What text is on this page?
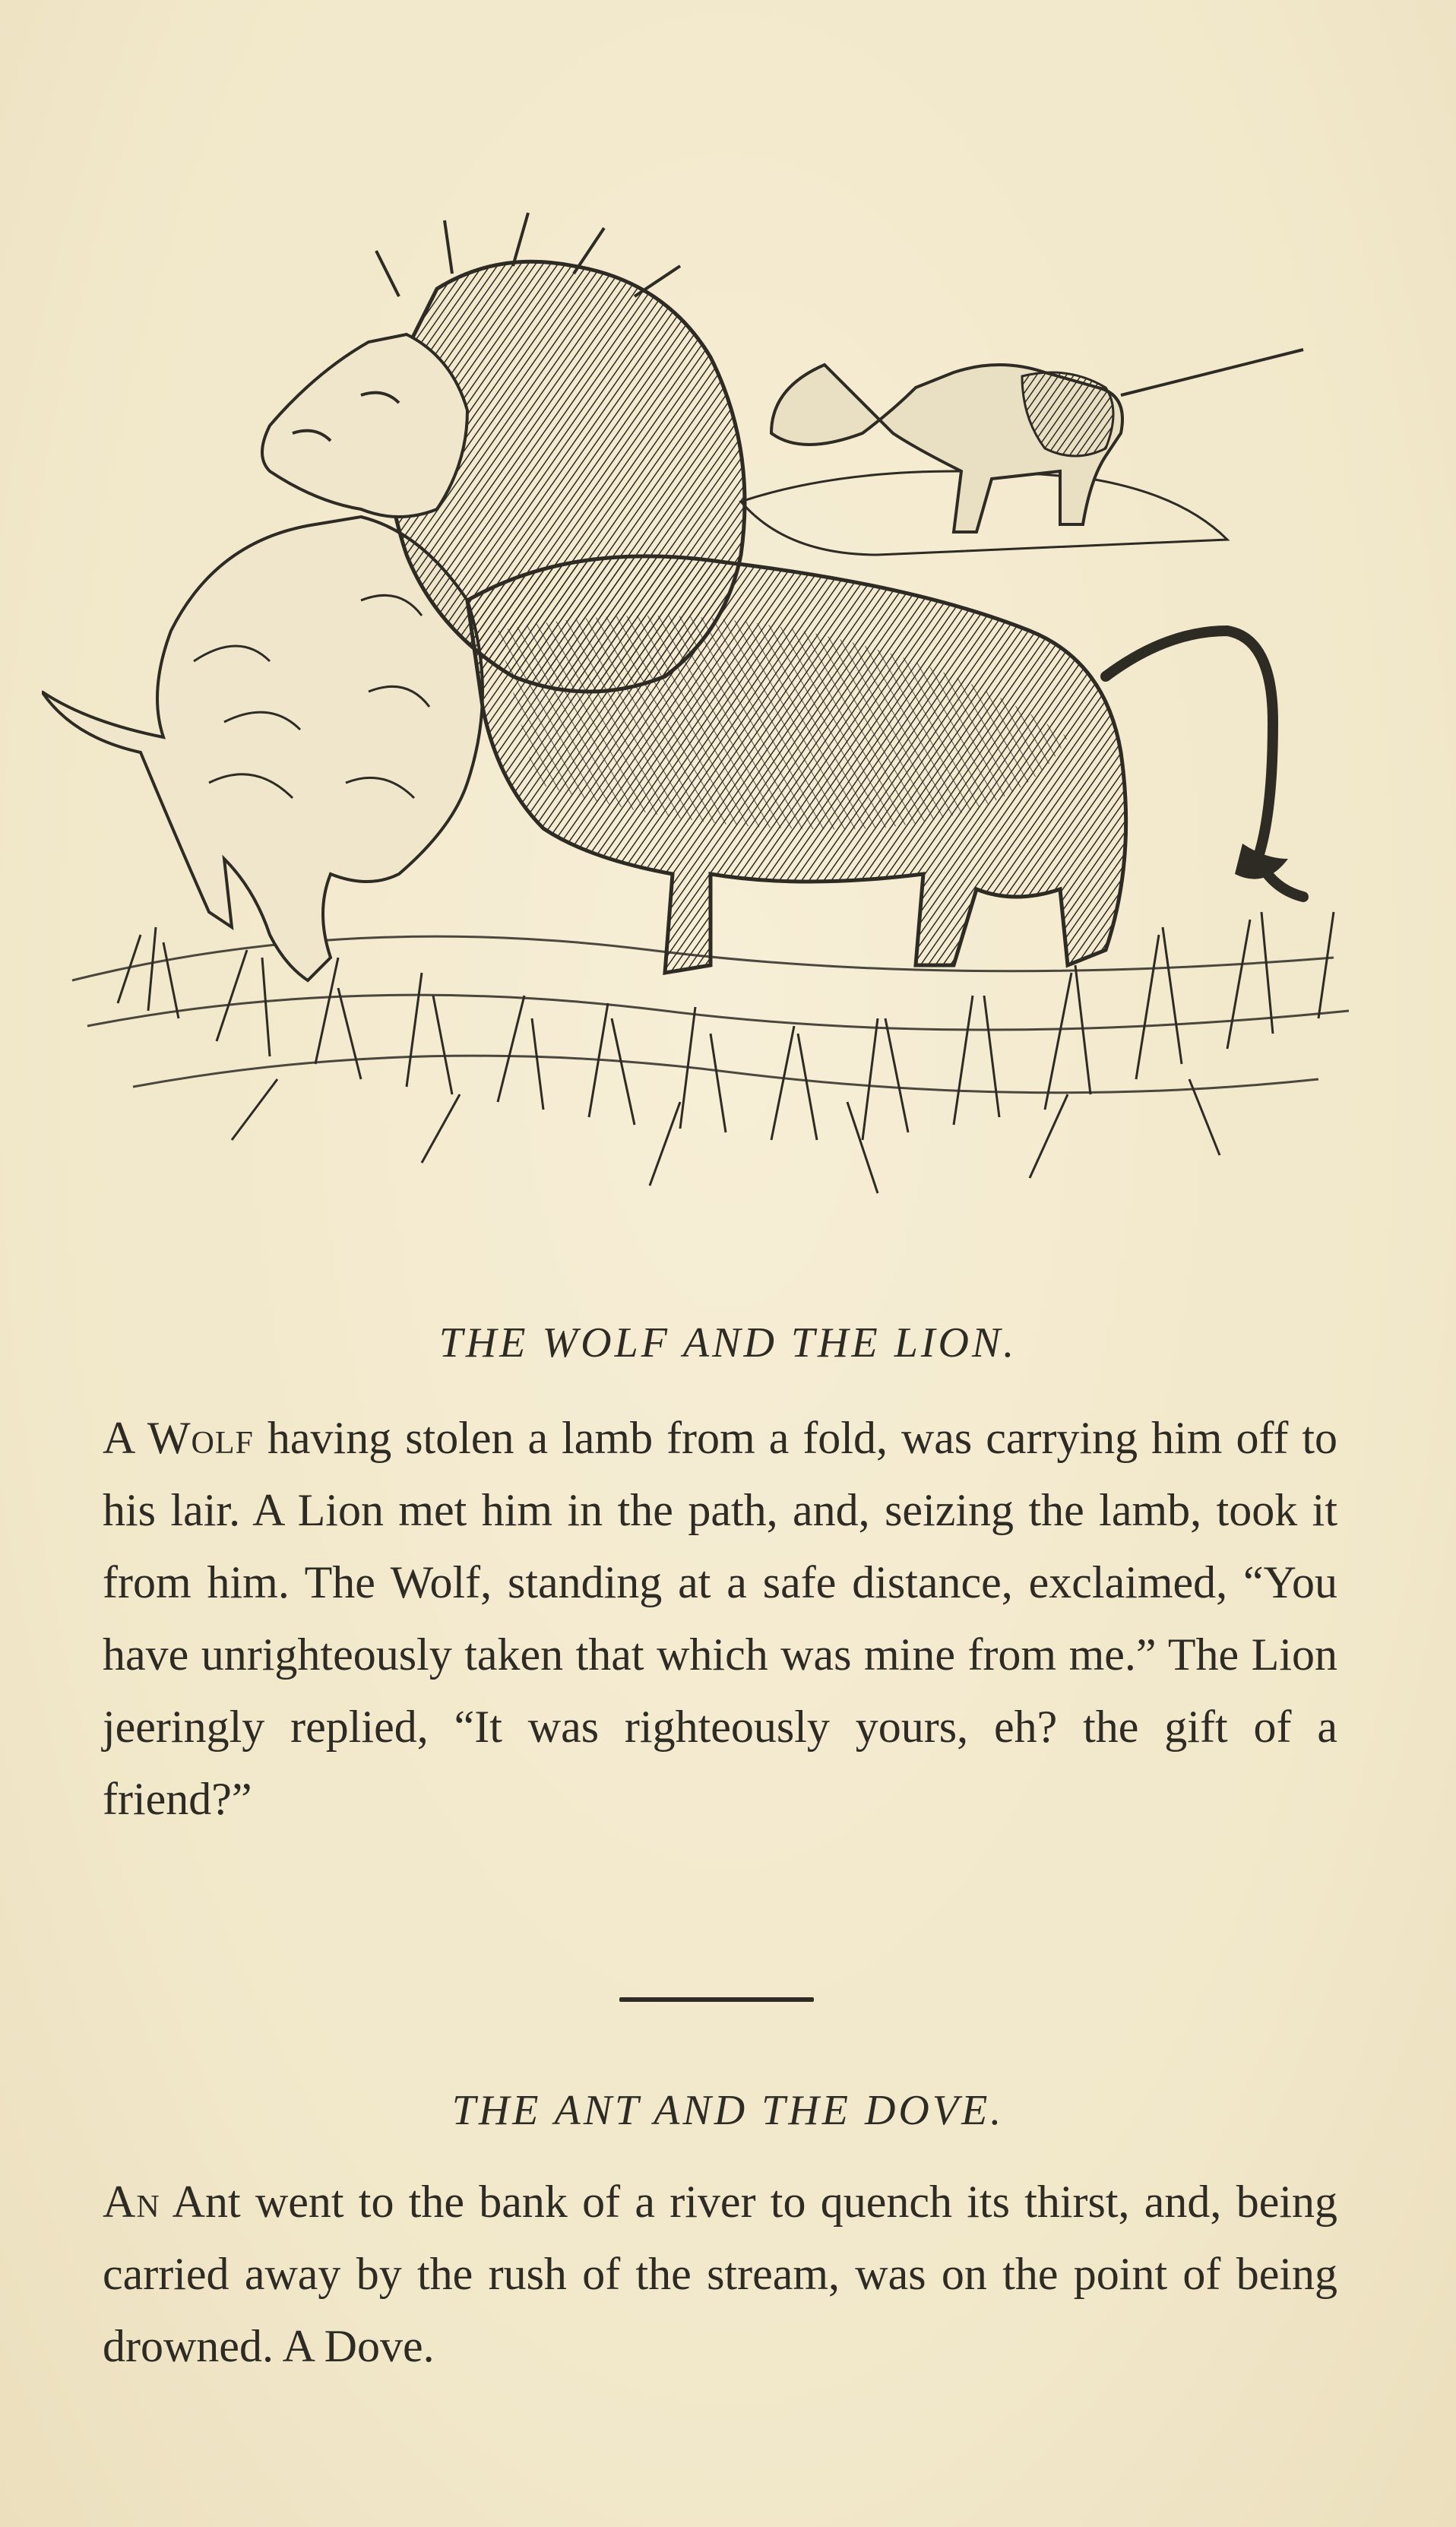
THE WOLF AND THE LION.

A Wolf having stolen a lamb from a fold, was carrying him off to his lair. A Lion met him in the path, and, seizing the lamb, took it from him. The Wolf, standing at a safe distance, exclaimed, “You have unrighteously taken that which was mine from me.” The Lion jeeringly replied, “It was righteously yours, eh? the gift of a friend?”

THE ANT AND THE DOVE.

An Ant went to the bank of a river to quench its thirst, and, being carried away by the rush of the stream, was on the point of being drowned. A Dove.
